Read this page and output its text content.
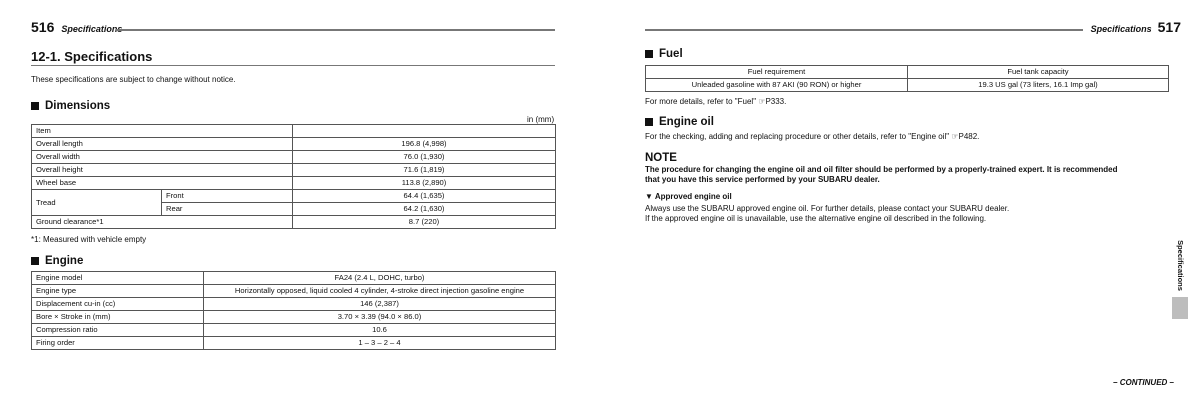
516 Specifications
12-1. Specifications
These specifications are subject to change without notice.
Dimensions
in (mm)
Item		
Overall length		196.8 (4,998)
Overall width		76.0 (1,930)
Overall height		71.6 (1,819)
Wheel base		113.8 (2,890)
Tread	Front	64.4 (1,635)
	Rear	64.2 (1,630)
Ground clearance*1		8.7 (220)
*1: Measured with vehicle empty
Engine
Engine model	FA24 (2.4 L, DOHC, turbo)
Engine type	Horizontally opposed, liquid cooled 4 cylinder, 4-stroke direct injection gasoline engine
Displacement cu-in (cc)	146 (2,387)
Bore × Stroke in (mm)	3.70 × 3.39 (94.0 × 86.0)
Compression ratio	10.6
Firing order	1 – 3 – 2 – 4
Specifications 517
Fuel
Fuel requirement	Fuel tank capacity
Unleaded gasoline with 87 AKI (90 RON) or higher	19.3 US gal (73 liters, 16.1 Imp gal)
For more details, refer to "Fuel" ☞P333.
Engine oil
For the checking, adding and replacing procedure or other details, refer to "Engine oil" ☞P482.
NOTE
The procedure for changing the engine oil and oil filter should be performed by a properly-trained expert. It is recommended
that you have this service performed by your SUBARU dealer.
▼ Approved engine oil
Always use the SUBARU approved engine oil. For further details, please contact your SUBARU dealer.
If the approved engine oil is unavailable, use the alternative engine oil described in the following.
Specifications
– CONTINUED –
